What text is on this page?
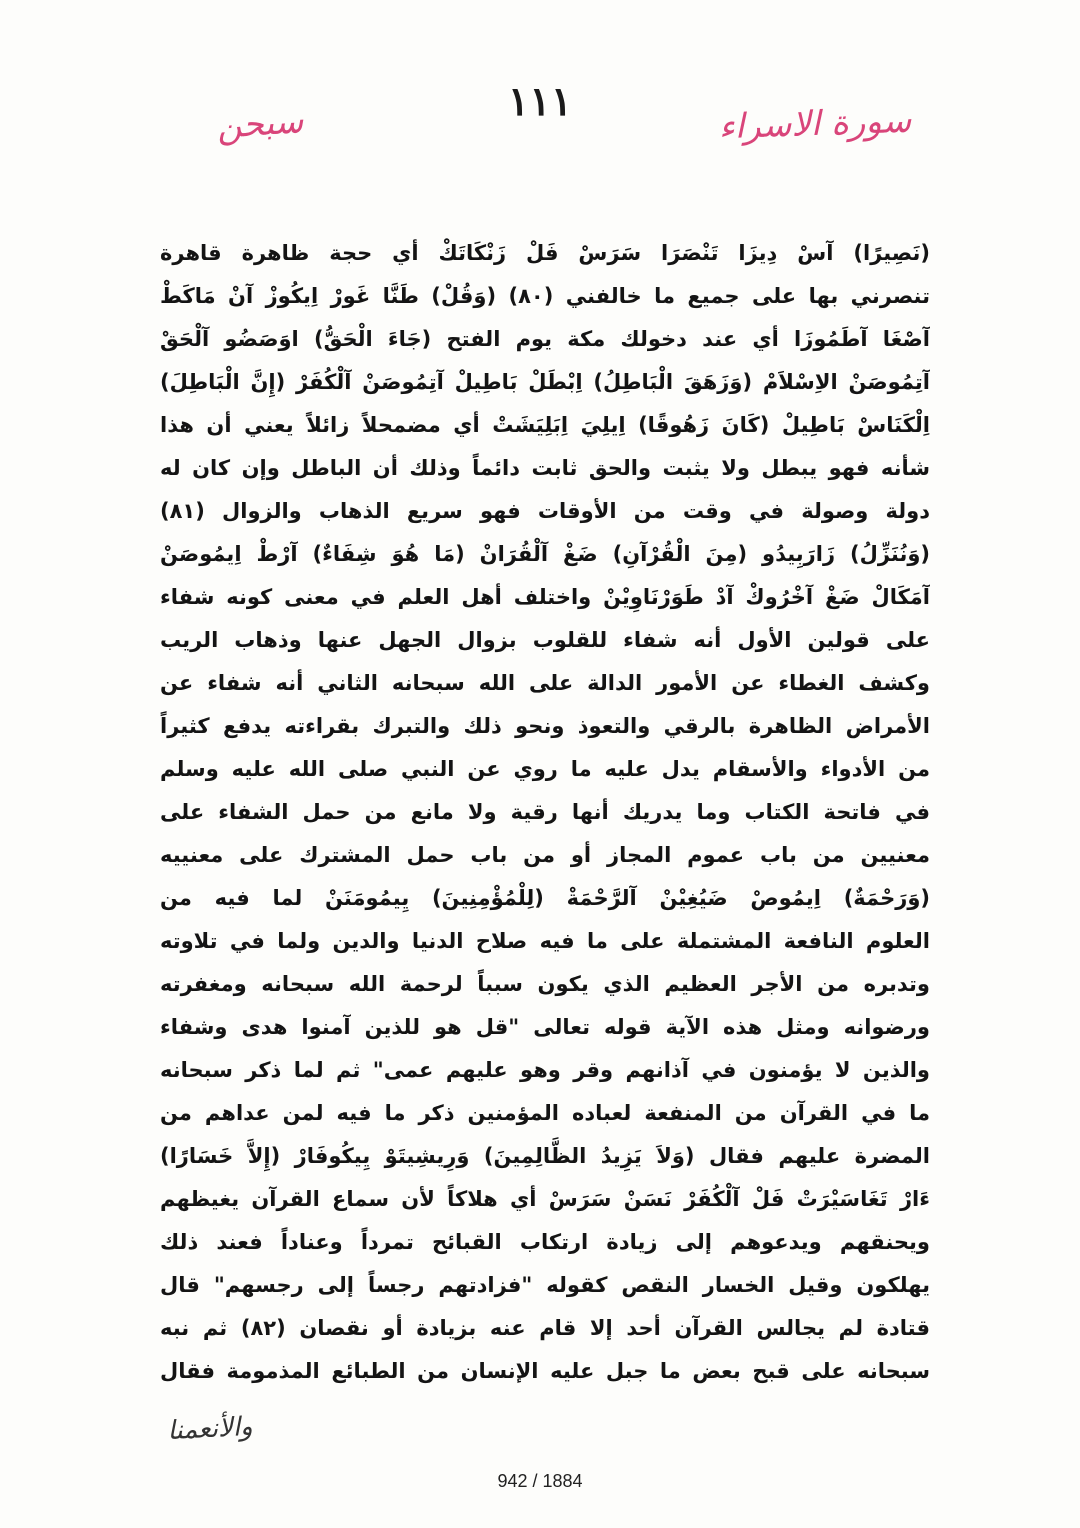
١١١	سورة الاسراء
سبحن
(نَصِيرًا) آسْ دِيزَا تَنْصَرَا سَرَسْ فَلْ زَنْكَاتَكْ أي حجة ظاهرة قاهرة
تنصرني بها على جميع ما خالفني (٨٠) (وَقُلْ) طَنَّا غَورْ اِيكُوزْ آنْ مَاكَطْ
آصْغَا آطَمُوزَا أي عند دخولك مكة يوم الفتح (جَاءَ الْحَقُّ) اوَصَضُو آلْحَقْ
آتِمُوصَنْ الاِسْلاَمْ (وَزَهَقَ الْبَاطِلُ) اِبْطَلْ بَاطِيلْ آتِمُوصَنْ آلْكُفَرْ (إِنَّ الْبَاطِلَ)
اِلْكَنَاسْ بَاطِيلْ (كَانَ زَهُوقًا) اِيلِيَ اِبَلِيَشَتْ أي مضمحلاً زائلاً يعني أن هذا
شأنه فهو يبطل ولا يثبت والحق ثابت دائماً وذلك أن الباطل وإن كان له
دولة وصولة في وقت من الأوقات فهو سريع الذهاب والزوال (٨١)
(وَنُنَزِّلُ) زَارَبِيدُو (مِنَ الْقُرْآنِ) ضَغْ آلْقُرَانْ (مَا هُوَ شِفَاءٌ) آرْطْ اِيمُوصَنْ
آمَكَالْ ضَغْ آخْرُوكْ آدْ طَوَرْنَاوِيْنْ واختلف أهل العلم في معنى كونه شفاء
على قولين الأول أنه شفاء للقلوب بزوال الجهل عنها وذهاب الريب
وكشف الغطاء عن الأمور الدالة على الله سبحانه الثاني أنه شفاء عن
الأمراض الظاهرة بالرقي والتعوذ ونحو ذلك والتبرك بقراءته يدفع كثيراً
من الأدواء والأسقام يدل عليه ما روي عن النبي صلى الله عليه وسلم
في فاتحة الكتاب وما يدريك أنها رقية ولا مانع من حمل الشفاء على
معنيين من باب عموم المجاز أو من باب حمل المشترك على معنييه
(وَرَحْمَةٌ) اِيمُوصْ ضَيُغِيْنْ آلرَّحْمَةْ (لِلْمُؤْمِنِينَ) يِيمُومَنَنْ لما فيه من
العلوم النافعة المشتملة على ما فيه صلاح الدنيا والدين ولما في تلاوته
وتدبره من الأجر العظيم الذي يكون سبباً لرحمة الله سبحانه ومغفرته
ورضوانه ومثل هذه الآية قوله تعالى "قل هو للذين آمنوا هدى وشفاء
والذين لا يؤمنون في آذانهم وقر وهو عليهم عمى" ثم لما ذكر سبحانه
ما في القرآن من المنفعة لعباده المؤمنين ذكر ما فيه لمن عداهم من
المضرة عليهم فقال (وَلاَ يَزِيدُ الظَّالِمِينَ) وَرِيشِيتَوْ يِيكُوفَارْ (إِلاَّ خَسَارًا)
ءَارْ تَغَاسَيْرَتْ فَلْ آلْكُفَرْ نَسَنْ سَرَسْ أي هلاكاً لأن سماع القرآن يغيظهم
ويحنقهم ويدعوهم إلى زيادة ارتكاب القبائح تمرداً وعناداً فعند ذلك
يهلكون وقيل الخسار النقص كقوله "فزادتهم رجساً إلى رجسهم" قال
قتادة لم يجالس القرآن أحد إلا قام عنه بزيادة أو نقصان (٨٢) ثم نبه
سبحانه على قبح بعض ما جبل عليه الإنسان من الطبائع المذمومة فقال
والأنعمنا
942 / 1884
